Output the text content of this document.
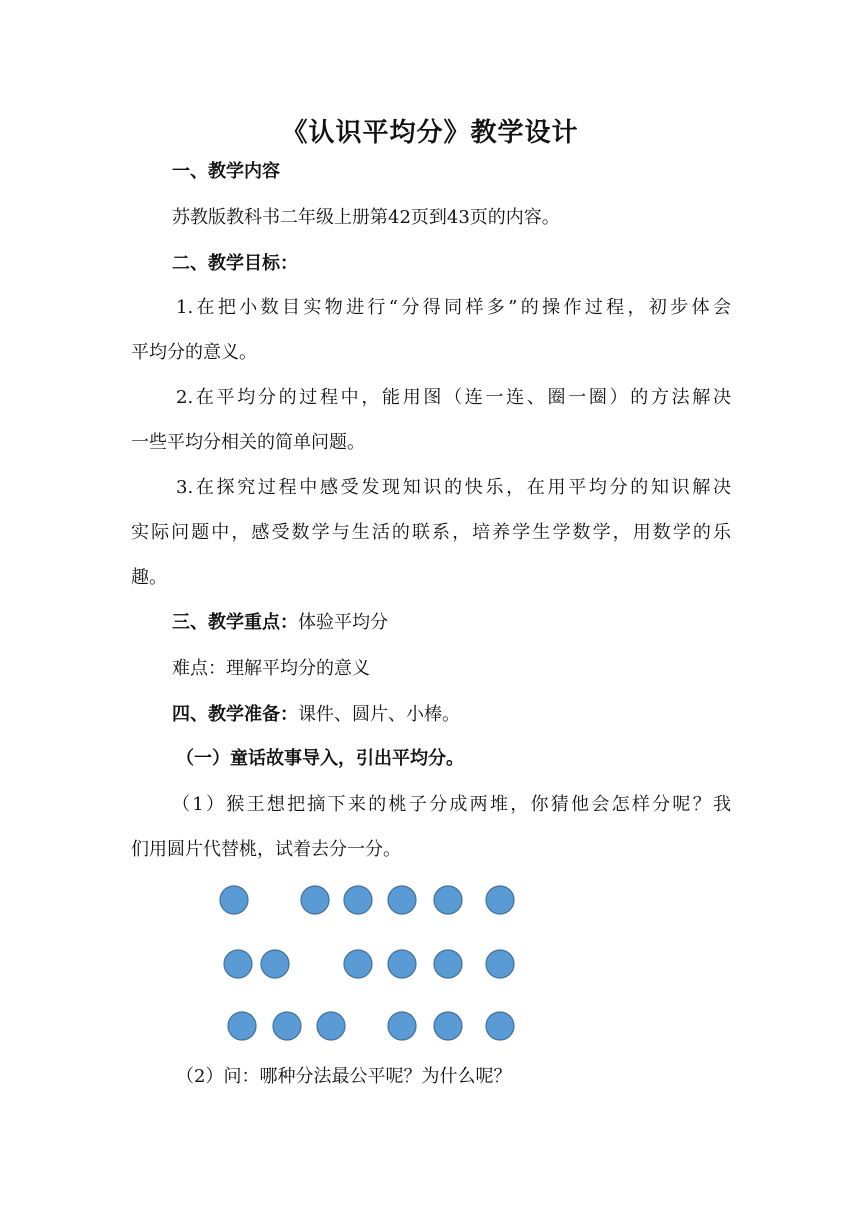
《认识平均分》教学设计
一、教学内容
苏教版教科书二年级上册第42页到43页的内容。
二、教学目标：
1.在把小数目实物进行“分得同样多”的操作过程，初步体会
平均分的意义。
2.在平均分的过程中，能用图（连一连、圈一圈）的方法解决
一些平均分相关的简单问题。
3.在探究过程中感受发现知识的快乐，在用平均分的知识解决
实际问题中，感受数学与生活的联系，培养学生学数学，用数学的乐
趣。
三、教学重点：体验平均分
难点：理解平均分的意义
四、教学准备：课件、圆片、小棒。
（一）童话故事导入，引出平均分。
（1）猴王想把摘下来的桃子分成两堆，你猜他会怎样分呢？我
们用圆片代替桃，试着去分一分。
（2）问：哪种分法最公平呢？为什么呢？
